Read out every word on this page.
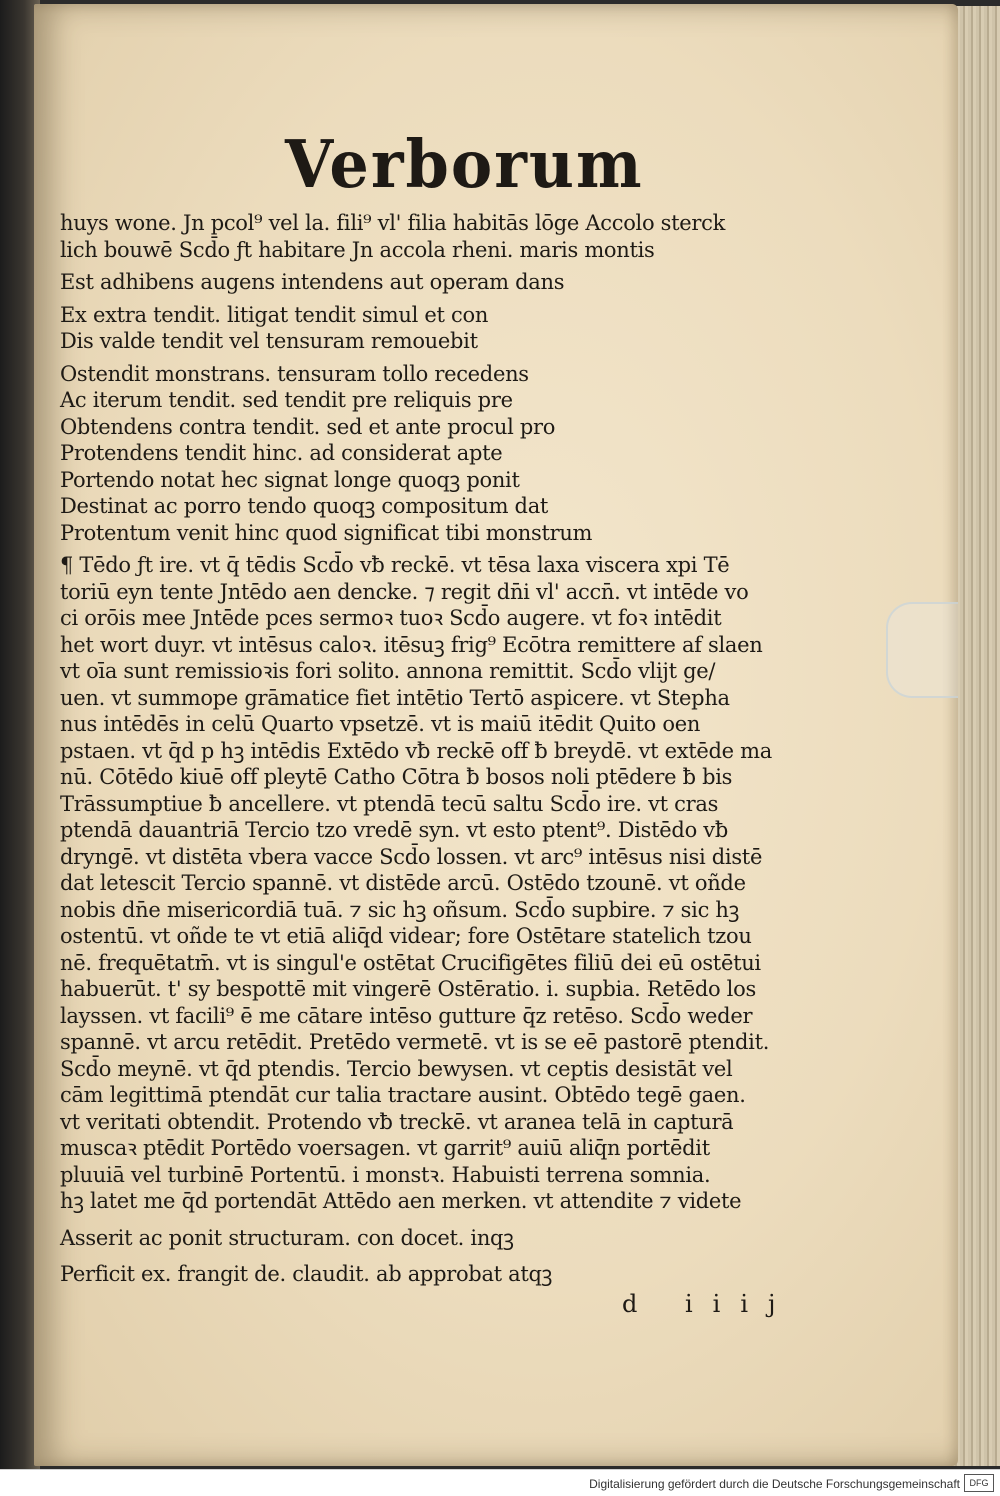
Verborum
huys wone. Jn pcol⁹ vel la. fili⁹ vl' filia habitās lōge Accolo sterck
lich bouwē Scd̄o ƒt habitare Jn accola rheni. maris montis
Est adhibens augens intendens aut operam dans
Ex extra tendit. litigat tendit simul et con
Dis valde tendit vel tensuram remouebit
Ostendit monstrans. tensuram tollo recedens
Ac iterum tendit. sed tendit pre reliquis pre
Obtendens contra tendit. sed et ante procul pro
Protendens tendit hinc. ad considerat apte
Portendo notat hec signat longe quoqꝫ ponit
Destinat ac porro tendo quoqꝫ compositum dat
Protentum venit hinc quod significat tibi monstrum
¶ Tēdo ƒt ire. vt q̄ tēdis Scd̄o vƀ reckē. vt tēsa laxa viscera xpi Tē
toriū eyn tente Jntēdo aen dencke. ⁊ regit dn̄i vl' accn̄. vt intēde vo
ci orōis mee Jntēde pces sermoꝛ tuoꝛ Scd̄o augere. vt foꝛ intēdit
het wort duyr. vt intēsus caloꝛ. itēsuꝫ frig⁹ Ecōtra remittere af slaen
vt oīa sunt remissioꝛis fori solito. annona remittit. Scd̄o vlijt ge/
uen. vt summope grāmatice fiet intētio Tertō aspicere. vt Stepha
nus intēdēs in celū Quarto vpsetzē. vt is maiū itēdit Quito oen
pstaen. vt q̄d p hꝫ intēdis Extēdo vƀ reckē off ƀ breydē. vt extēde ma
nū. Cōtēdo kiuē off pleytē Catho Cōtra ƀ bosos noli ptēdere ƀ bis
Trāssumptiue ƀ ancellere. vt ptendā tecū saltu Scd̄o ire. vt cras
ptendā dauantriā Tercio tzo vredē syn. vt esto ptent⁹. Distēdo vƀ
dryngē. vt distēta vbera vacce Scd̄o lossen. vt arc⁹ intēsus nisi distē
dat letescit Tercio spannē. vt distēde arcū. Ostēdo tzounē. vt oñde
nobis dn̄e misericordiā tuā. ⁊ sic hꝫ oñsum. Scd̄o supbire. ⁊ sic hꝫ
ostentū. vt oñde te vt etiā aliq̄d videar; fore Ostētare statelich tzou
nē. frequētatm̄. vt is singul'e ostētat Crucifigētes filiū dei eū ostētui
habuerūt. t' sy bespottē mit vingerē Ostēratio. i. supbia. Retēdo los
layssen. vt facili⁹ ē me cātare intēso gutture q̄z retēso. Scd̄o weder
spannē. vt arcu retēdit. Pretēdo vermetē. vt is se eē pastorē ptendit.
Scd̄o meynē. vt q̄d ptendis. Tercio bewysen. vt ceptis desistāt vel
cām legittimā ptendāt cur talia tractare ausint. Obtēdo tegē gaen.
vt veritati obtendit. Protendo vƀ treckē. vt aranea telā in capturā
muscaꝛ ptēdit Portēdo voersagen. vt garrit⁹ auiū aliq̄n portēdit
pluuiā vel turbinē Portentū. i monstꝛ. Habuisti terrena somnia.
hꝫ latet me q̄d portendāt Attēdo aen merken. vt attendite ⁊ videte
Asserit ac ponit structuram. con docet. inqꝫ
Perficit ex. frangit de. claudit. ab approbat atqꝫ
d iiij
Digitalisierung gefördert durch die Deutsche Forschungsgemeinschaft	DFG
